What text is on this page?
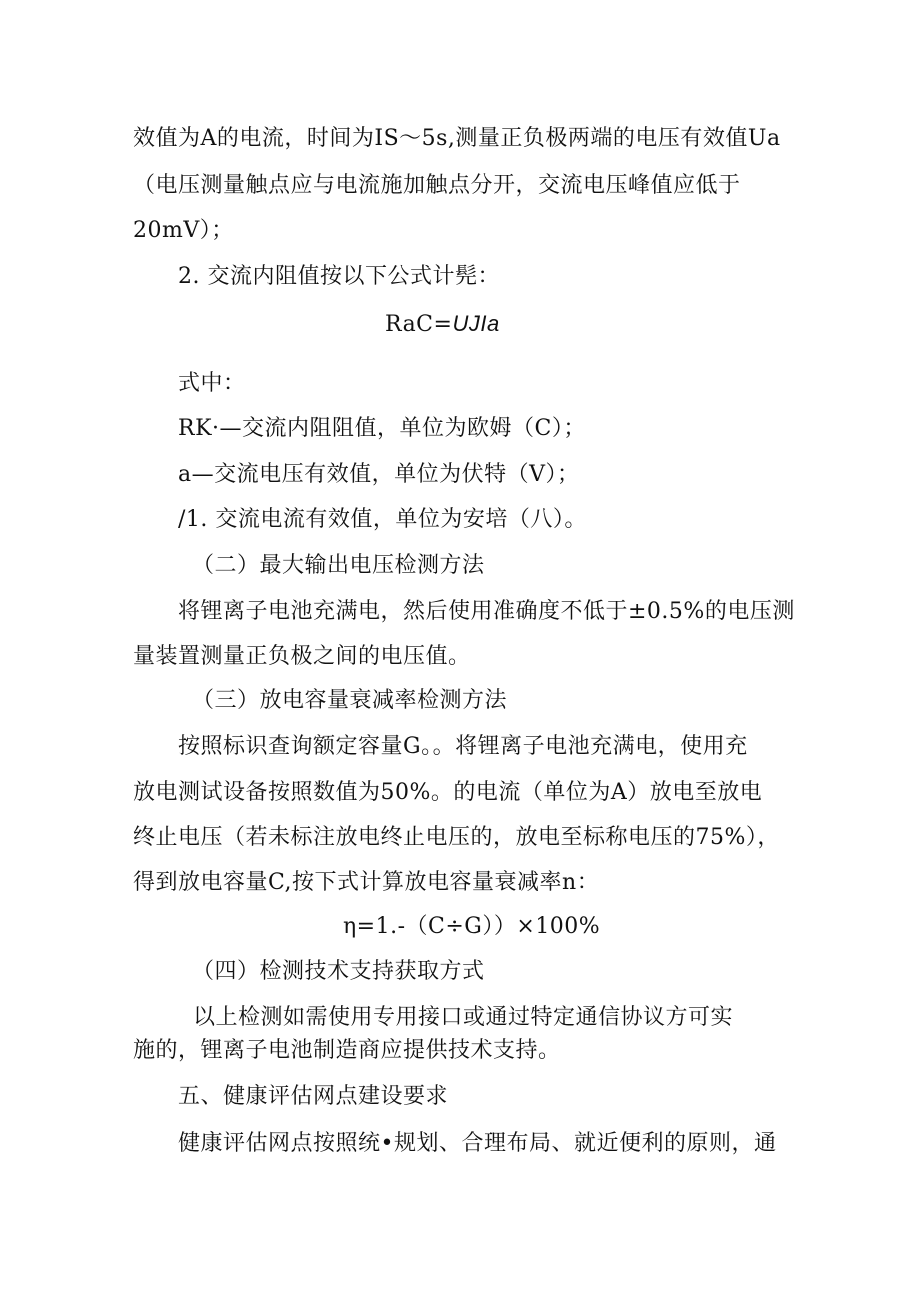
效值为A的电流，时间为IS～5s,测量正负极两端的电压有效值Ua
（电压测量触点应与电流施加触点分开，交流电压峰值应低于
20mV）；
2. 交流内阻值按以下公式计髡：
RaC=UJIa
式中：
RK·—交流内阻阻值，单位为欧姆（C）；
a—交流电压有效值，单位为伏特（V）；
/1. 交流电流有效值，单位为安培（八）。
（二）最大输出电压检测方法
将锂离子电池充满电，然后使用准确度不低于±0.5%的电压测
量装置测量正负极之间的电压值。
（三）放电容量衰减率检测方法
按照标识查询额定容量G。。将锂离子电池充满电，使用充
放电测试设备按照数值为50%。的电流（单位为A）放电至放电
终止电压（若未标注放电终止电压的，放电至标称电压的75%），
得到放电容量C,按下式计算放电容量衰减率n：
η=1.-（C÷G））×100%
（四）检测技术支持获取方式
以上检测如需使用专用接口或通过特定通信协议方可实
施的，锂离子电池制造商应提供技术支持。
五、健康评估网点建设要求
健康评估网点按照统•规划、合理布局、就近便利的原则，通
